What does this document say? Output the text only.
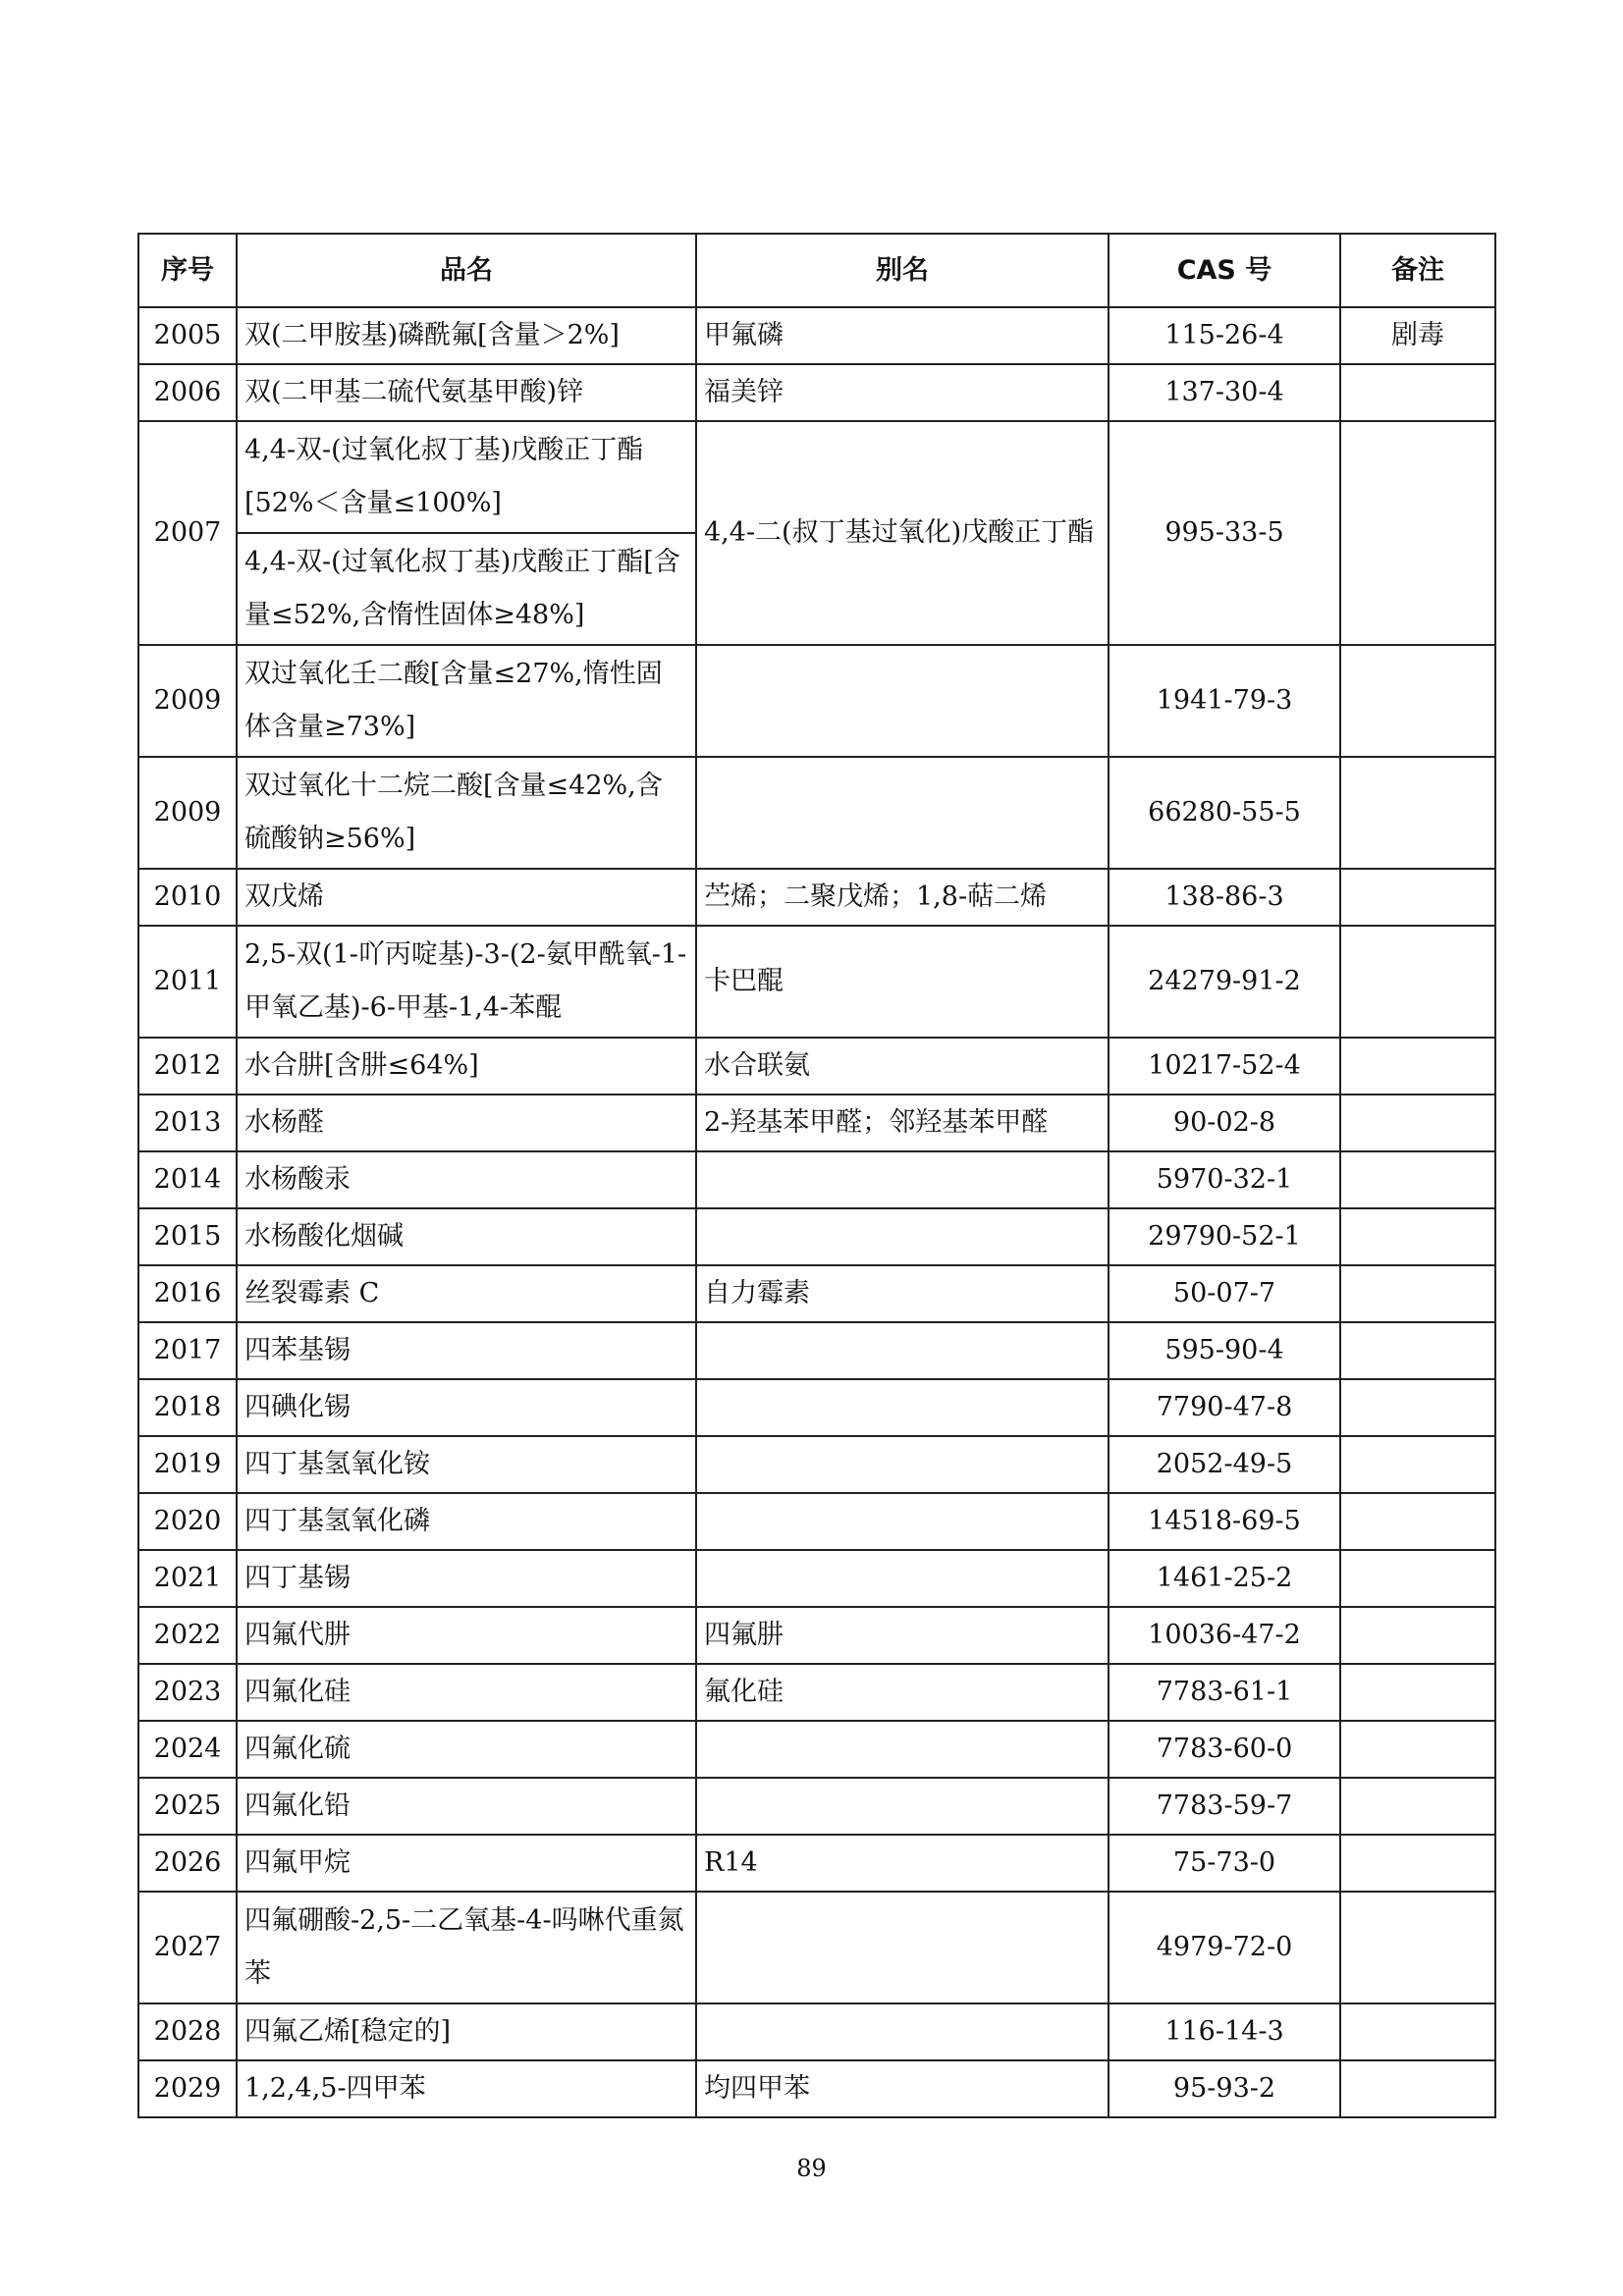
序号	品名	别名	CAS 号	备注
2005	双(二甲胺基)磷酰氟[含量＞2%]	甲氟磷	115-26-4	剧毒
2006	双(二甲基二硫代氨基甲酸)锌	福美锌	137-30-4	
2007	4,4-双-(过氧化叔丁基)戊酸正丁酯[52%＜含量≤100%]	4,4-二(叔丁基过氧化)戊酸正丁酯	995-33-5	
	4,4-双-(过氧化叔丁基)戊酸正丁酯[含量≤52%,含惰性固体≥48%]			
2009	双过氧化壬二酸[含量≤27%,惰性固体含量≥73%]		1941-79-3	
2009	双过氧化十二烷二酸[含量≤42%,含硫酸钠≥56%]		66280-55-5	
2010	双戊烯	苎烯；二聚戊烯；1,8-萜二烯	138-86-3	
2011	2,5-双(1-吖丙啶基)-3-(2-氨甲酰氧-1-甲氧乙基)-6-甲基-1,4-苯醌	卡巴醌	24279-91-2	
2012	水合肼[含肼≤64%]	水合联氨	10217-52-4	
2013	水杨醛	2-羟基苯甲醛；邻羟基苯甲醛	90-02-8	
2014	水杨酸汞		5970-32-1	
2015	水杨酸化烟碱		29790-52-1	
2016	丝裂霉素 C	自力霉素	50-07-7	
2017	四苯基锡		595-90-4	
2018	四碘化锡		7790-47-8	
2019	四丁基氢氧化铵		2052-49-5	
2020	四丁基氢氧化磷		14518-69-5	
2021	四丁基锡		1461-25-2	
2022	四氟代肼	四氟肼	10036-47-2	
2023	四氟化硅	氟化硅	7783-61-1	
2024	四氟化硫		7783-60-0	
2025	四氟化铅		7783-59-7	
2026	四氟甲烷	R14	75-73-0	
2027	四氟硼酸-2,5-二乙氧基-4-吗啉代重氮苯		4979-72-0	
2028	四氟乙烯[稳定的]		116-14-3	
2029	1,2,4,5-四甲苯	均四甲苯	95-93-2	
89
